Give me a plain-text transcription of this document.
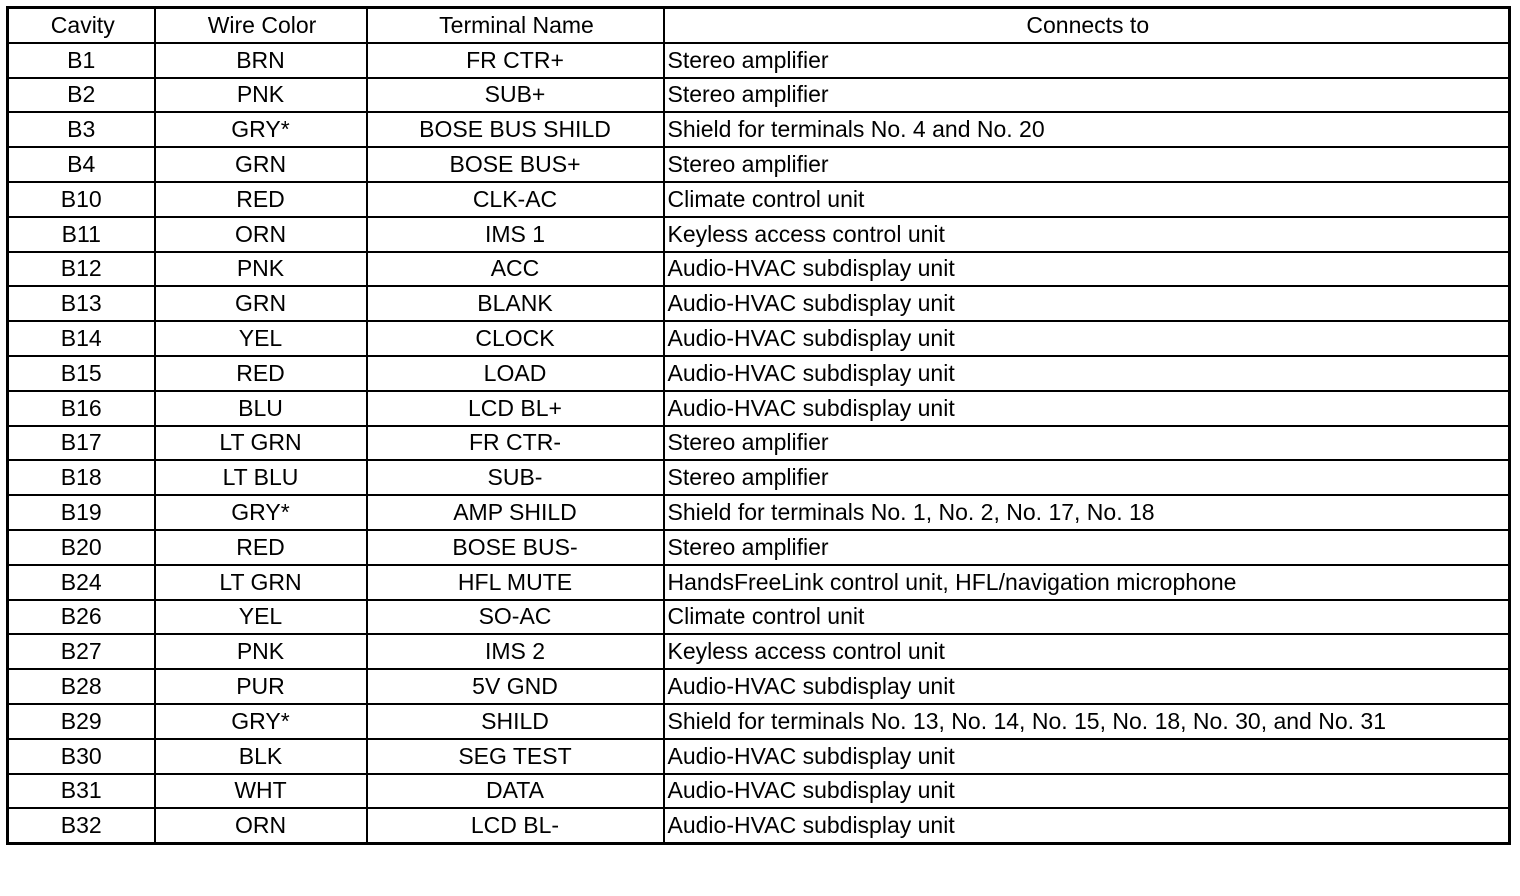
Cavity	Wire Color	Terminal Name	Connects to
B1	BRN	FR CTR+	Stereo amplifier
B2	PNK	SUB+	Stereo amplifier
B3	GRY*	BOSE BUS SHILD	Shield for terminals No. 4 and No. 20
B4	GRN	BOSE BUS+	Stereo amplifier
B10	RED	CLK-AC	Climate control unit
B11	ORN	IMS 1	Keyless access control unit
B12	PNK	ACC	Audio-HVAC subdisplay unit
B13	GRN	BLANK	Audio-HVAC subdisplay unit
B14	YEL	CLOCK	Audio-HVAC subdisplay unit
B15	RED	LOAD	Audio-HVAC subdisplay unit
B16	BLU	LCD BL+	Audio-HVAC subdisplay unit
B17	LT GRN	FR CTR-	Stereo amplifier
B18	LT BLU	SUB-	Stereo amplifier
B19	GRY*	AMP SHILD	Shield for terminals No. 1, No. 2, No. 17, No. 18
B20	RED	BOSE BUS-	Stereo amplifier
B24	LT GRN	HFL MUTE	HandsFreeLink control unit, HFL/navigation microphone
B26	YEL	SO-AC	Climate control unit
B27	PNK	IMS 2	Keyless access control unit
B28	PUR	5V GND	Audio-HVAC subdisplay unit
B29	GRY*	SHILD	Shield for terminals No. 13, No. 14, No. 15, No. 18, No. 30, and No. 31
B30	BLK	SEG TEST	Audio-HVAC subdisplay unit
B31	WHT	DATA	Audio-HVAC subdisplay unit
B32	ORN	LCD BL-	Audio-HVAC subdisplay unit
